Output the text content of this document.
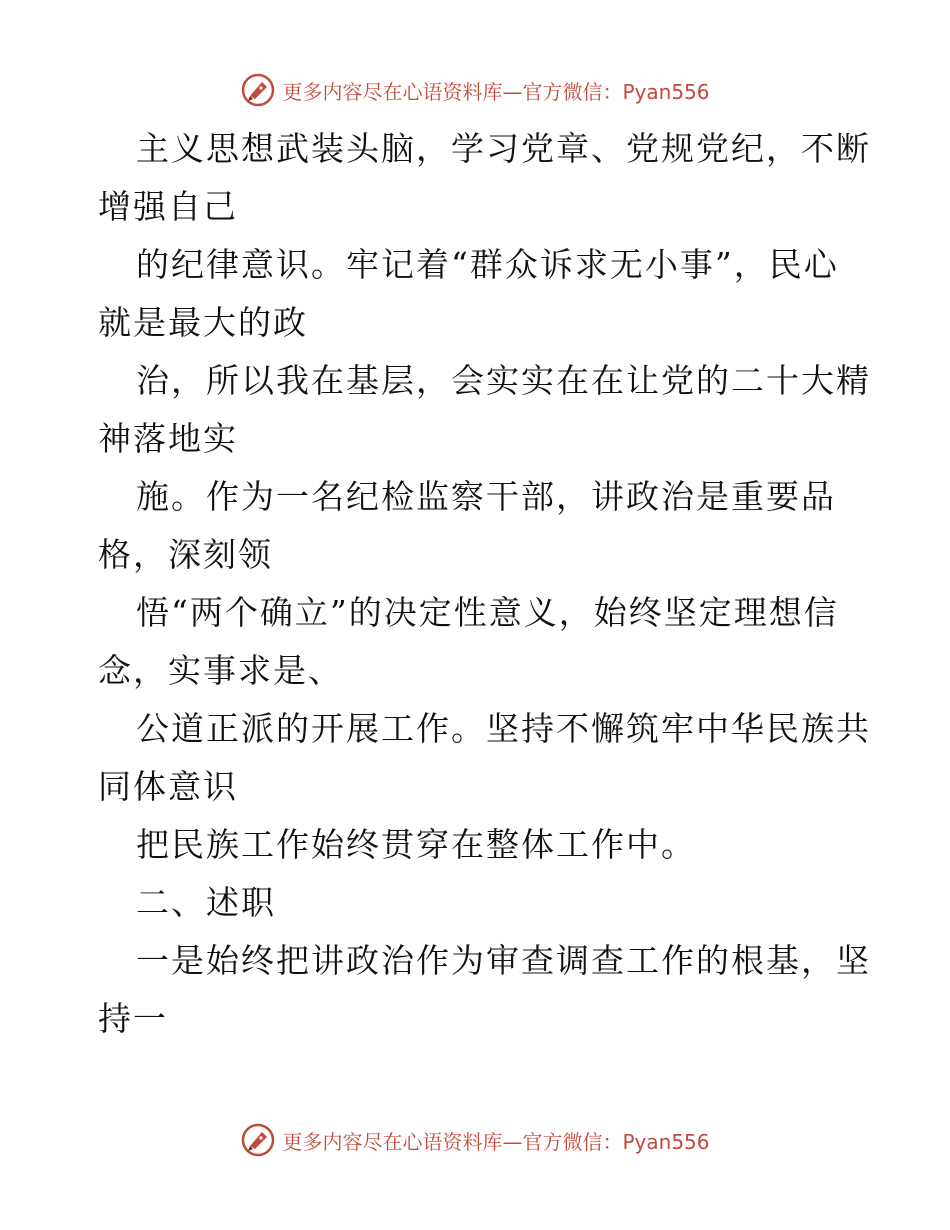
更多内容尽在心语资料库—官方微信：Pyan556
主义思想武装头脑，学习党章、党规党纪，不断
增强自己
的纪律意识。牢记着“群众诉求无小事”，民心
就是最大的政
治，所以我在基层，会实实在在让党的二十大精
神落地实
施。作为一名纪检监察干部，讲政治是重要品
格，深刻领
悟“两个确立”的决定性意义，始终坚定理想信
念，实事求是、
公道正派的开展工作。坚持不懈筑牢中华民族共
同体意识
把民族工作始终贯穿在整体工作中。
二、述职
一是始终把讲政治作为审查调查工作的根基，坚
持一
更多内容尽在心语资料库—官方微信：Pyan556
